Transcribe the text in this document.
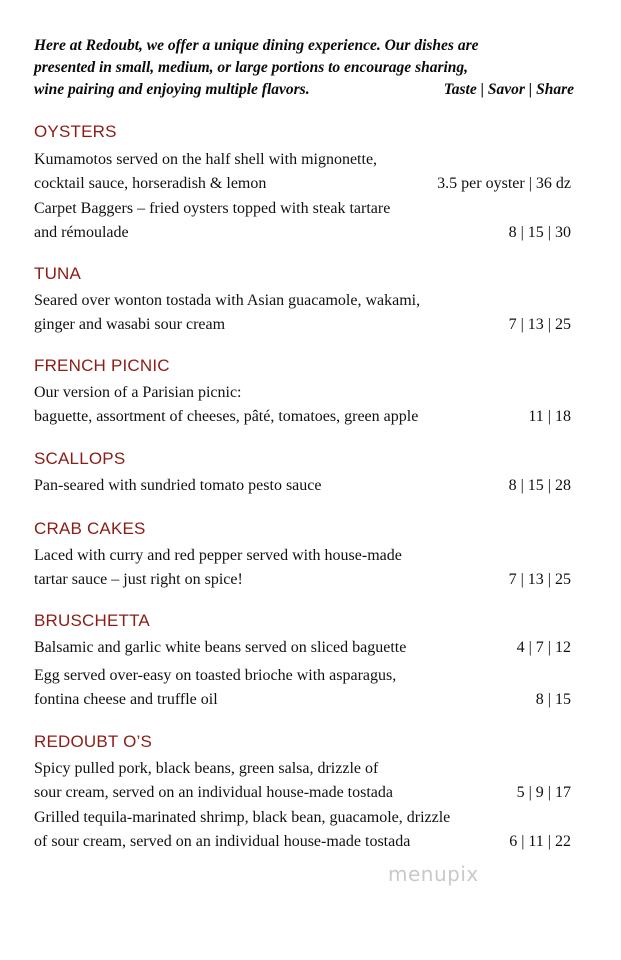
Here at Redoubt, we offer a unique dining experience. Our dishes are
presented in small, medium, or large portions to encourage sharing,
wine pairing and enjoying multiple flavors.	Taste | Savor | Share
OYSTERS
Kumamotos served on the half shell with mignonette,
cocktail sauce, horseradish & lemon	3.5 per oyster | 36 dz
Carpet Baggers – fried oysters topped with steak tartare
and rémoulade	8 | 15 | 30
TUNA
Seared over wonton tostada with Asian guacamole, wakami,
ginger and wasabi sour cream	7 | 13 | 25
FRENCH PICNIC
Our version of a Parisian picnic:
baguette, assortment of cheeses, pâté, tomatoes, green apple	11 | 18
SCALLOPS
Pan-seared with sundried tomato pesto sauce	8 | 15 | 28
CRAB CAKES
Laced with curry and red pepper served with house-made
tartar sauce – just right on spice!	7 | 13 | 25
BRUSCHETTA
Balsamic and garlic white beans served on sliced baguette	4 | 7 | 12
Egg served over-easy on toasted brioche with asparagus,
fontina cheese and truffle oil	8 | 15
REDOUBT O’S
Spicy pulled pork, black beans, green salsa, drizzle of
sour cream, served on an individual house-made tostada	5 | 9 | 17
Grilled tequila-marinated shrimp, black bean, guacamole, drizzle
of sour cream, served on an individual house-made tostada	6 | 11 | 22
menupix
